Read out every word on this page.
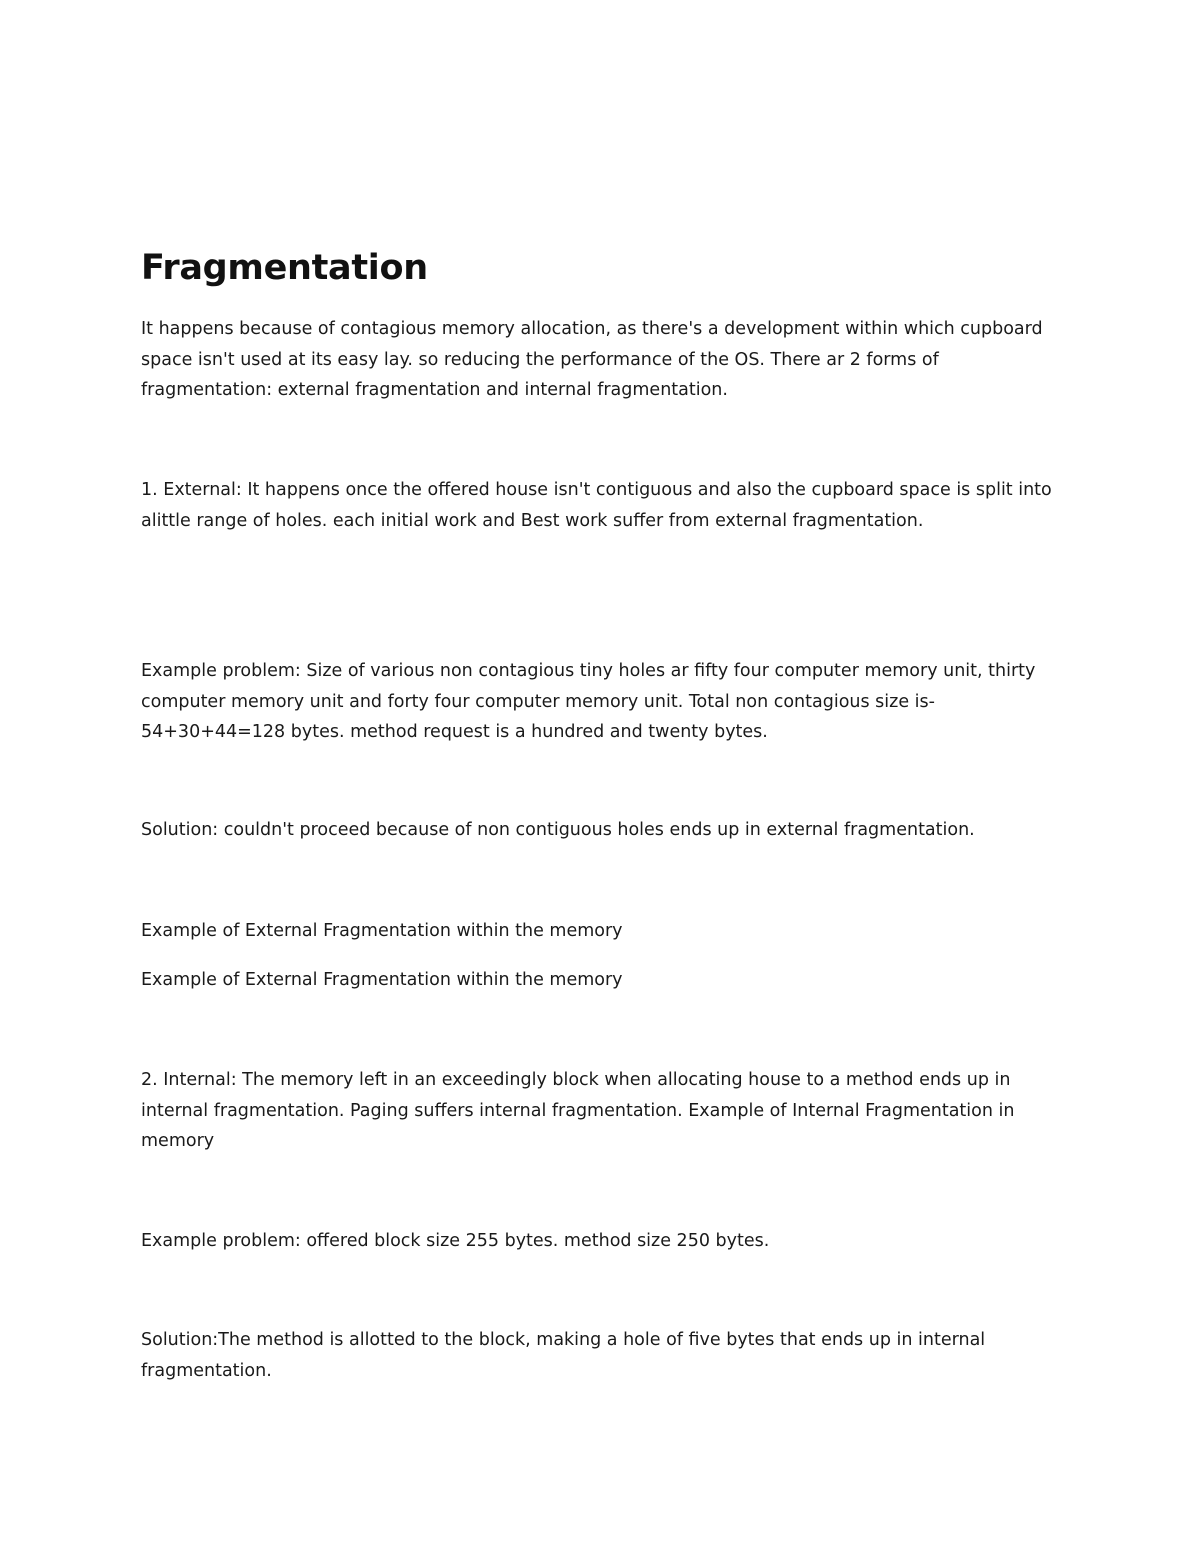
Fragmentation

It happens because of contagious memory allocation, as there's a development within which cupboard space isn't used at its easy lay. so reducing the performance of the OS. There ar 2 forms of fragmentation: external fragmentation and internal fragmentation.

1. External: It happens once the offered house isn't contiguous and also the cupboard space is split into alittle range of holes. each initial work and Best work suffer from external fragmentation.

Example problem: Size of various non contagious tiny holes ar fifty four computer memory unit, thirty computer memory unit and forty four computer memory unit. Total non contagious size is- 54+30+44=128 bytes. method request is a hundred and twenty bytes.

Solution: couldn't proceed because of non contiguous holes ends up in external fragmentation.

Example of External Fragmentation within the memory

Example of External Fragmentation within the memory

2. Internal: The memory left in an exceedingly block when allocating house to a method ends up in internal fragmentation. Paging suffers internal fragmentation. Example of Internal Fragmentation in memory

Example problem: offered block size 255 bytes. method size 250 bytes.

Solution:The method is allotted to the block, making a hole of five bytes that ends up in internal fragmentation.
